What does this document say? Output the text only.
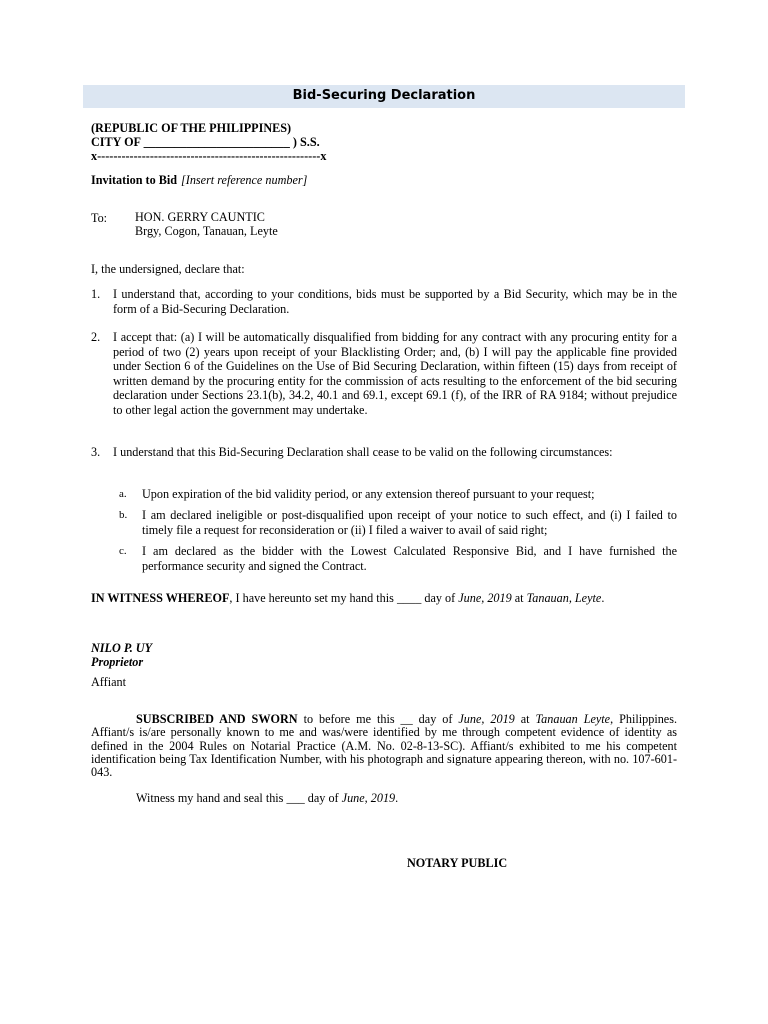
Bid-Securing Declaration
(REPUBLIC OF THE PHILIPPINES)
CITY OF ________________________ ) S.S.
x-------------------------------------------------------x
Invitation to Bid [Insert reference number]
To: HON. GERRY CAUNTIC
Brgy, Cogon, Tanauan, Leyte
I, the undersigned, declare that:
1. I understand that, according to your conditions, bids must be supported by a Bid Security, which may be in the form of a Bid-Securing Declaration.
2. I accept that: (a) I will be automatically disqualified from bidding for any contract with any procuring entity for a period of two (2) years upon receipt of your Blacklisting Order; and, (b) I will pay the applicable fine provided under Section 6 of the Guidelines on the Use of Bid Securing Declaration, within fifteen (15) days from receipt of written demand by the procuring entity for the commission of acts resulting to the enforcement of the bid securing declaration under Sections 23.1(b), 34.2, 40.1 and 69.1, except 69.1 (f), of the IRR of RA 9184; without prejudice to other legal action the government may undertake.
3. I understand that this Bid-Securing Declaration shall cease to be valid on the following circumstances:
a. Upon expiration of the bid validity period, or any extension thereof pursuant to your request;
b. I am declared ineligible or post-disqualified upon receipt of your notice to such effect, and (i) I failed to timely file a request for reconsideration or (ii) I filed a waiver to avail of said right;
c. I am declared as the bidder with the Lowest Calculated Responsive Bid, and I have furnished the performance security and signed the Contract.
IN WITNESS WHEREOF, I have hereunto set my hand this ____ day of June, 2019 at Tanauan, Leyte.
NILO P. UY
Proprietor
Affiant
SUBSCRIBED AND SWORN to before me this __ day of June, 2019 at Tanauan Leyte, Philippines. Affiant/s is/are personally known to me and was/were identified by me through competent evidence of identity as defined in the 2004 Rules on Notarial Practice (A.M. No. 02-8-13-SC). Affiant/s exhibited to me his competent identification being Tax Identification Number, with his photograph and signature appearing thereon, with no. 107-601-043.
Witness my hand and seal this ___ day of June, 2019.
NOTARY PUBLIC
